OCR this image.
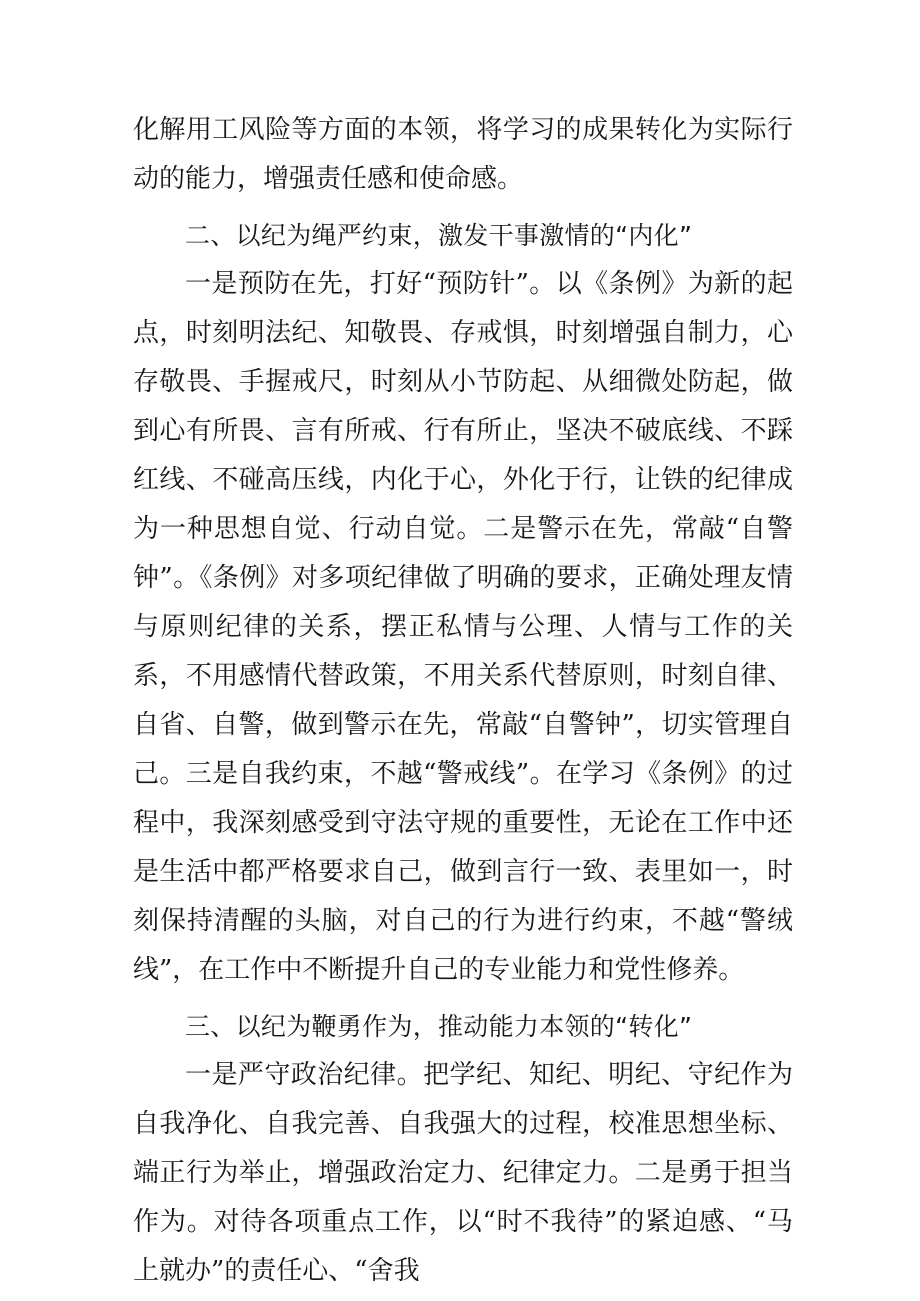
化解用工风险等方面的本领，将学习的成果转化为实际行动的能力，增强责任感和使命感。

二、以纪为绳严约束，激发干事激情的“内化”

一是预防在先，打好“预防针”。以《条例》为新的起点，时刻明法纪、知敬畏、存戒惧，时刻增强自制力，心存敬畏、手握戒尺，时刻从小节防起、从细微处防起，做到心有所畏、言有所戒、行有所止，坚决不破底线、不踩红线、不碰高压线，内化于心，外化于行，让铁的纪律成为一种思想自觉、行动自觉。二是警示在先，常敲“自警钟”。《条例》对多项纪律做了明确的要求，正确处理友情与原则纪律的关系，摆正私情与公理、人情与工作的关系，不用感情代替政策，不用关系代替原则，时刻自律、自省、自警，做到警示在先，常敲“自警钟”，切实管理自己。三是自我约束，不越“警戒线”。在学习《条例》的过程中，我深刻感受到守法守规的重要性，无论在工作中还是生活中都严格要求自己，做到言行一致、表里如一，时刻保持清醒的头脑，对自己的行为进行约束，不越“警绒线”，在工作中不断提升自己的专业能力和党性修养。

三、以纪为鞭勇作为，推动能力本领的“转化”

一是严守政治纪律。把学纪、知纪、明纪、守纪作为自我净化、自我完善、自我强大的过程，校准思想坐标、端正行为举止，增强政治定力、纪律定力。二是勇于担当作为。对待各项重点工作，以“时不我待”的紧迫感、“马上就办”的责任心、“舍我
